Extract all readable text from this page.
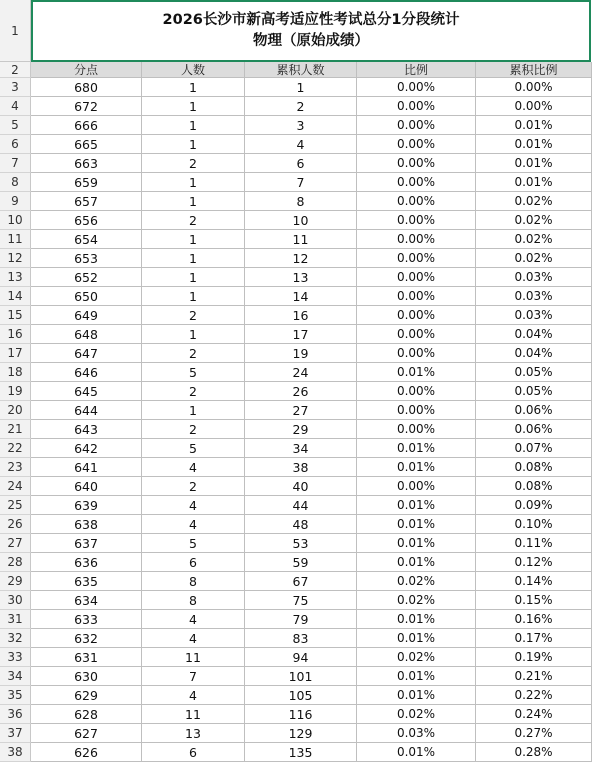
1
2026长沙市新高考适应性考试总分1分段统计
物理（原始成绩）
2	分点	人数	累积人数	比例	累积比例
3	680	1	1	0.00%	0.00%
4	672	1	2	0.00%	0.00%
5	666	1	3	0.00%	0.01%
6	665	1	4	0.00%	0.01%
7	663	2	6	0.00%	0.01%
8	659	1	7	0.00%	0.01%
9	657	1	8	0.00%	0.02%
10	656	2	10	0.00%	0.02%
11	654	1	11	0.00%	0.02%
12	653	1	12	0.00%	0.02%
13	652	1	13	0.00%	0.03%
14	650	1	14	0.00%	0.03%
15	649	2	16	0.00%	0.03%
16	648	1	17	0.00%	0.04%
17	647	2	19	0.00%	0.04%
18	646	5	24	0.01%	0.05%
19	645	2	26	0.00%	0.05%
20	644	1	27	0.00%	0.06%
21	643	2	29	0.00%	0.06%
22	642	5	34	0.01%	0.07%
23	641	4	38	0.01%	0.08%
24	640	2	40	0.00%	0.08%
25	639	4	44	0.01%	0.09%
26	638	4	48	0.01%	0.10%
27	637	5	53	0.01%	0.11%
28	636	6	59	0.01%	0.12%
29	635	8	67	0.02%	0.14%
30	634	8	75	0.02%	0.15%
31	633	4	79	0.01%	0.16%
32	632	4	83	0.01%	0.17%
33	631	11	94	0.02%	0.19%
34	630	7	101	0.01%	0.21%
35	629	4	105	0.01%	0.22%
36	628	11	116	0.02%	0.24%
37	627	13	129	0.03%	0.27%
38	626	6	135	0.01%	0.28%
